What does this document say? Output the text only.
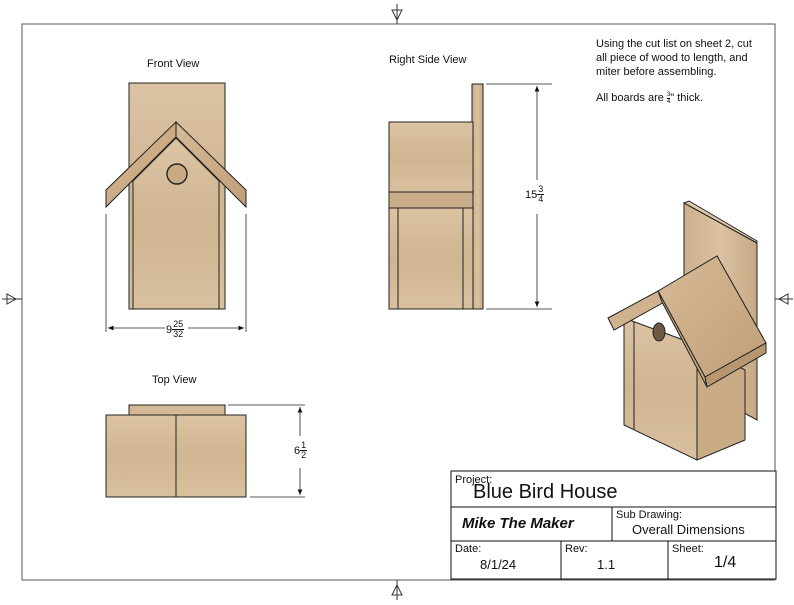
Front View	Right Side View
Top View
Using the cut list on sheet 2, cut
all piece of wood to length, and
miter before assembling.
All boards are $\frac{3}{4}$ " thick.
$9 \frac{25}{32}$
$15 \frac{3}{4}$
$6 \frac{1}{2}$
Project:
Blue Bird House
Mike The Maker	Sub Drawing:
Overall Dimensions
Date:
8/1/24
Rev:
1.1
Sheet:
1/4
